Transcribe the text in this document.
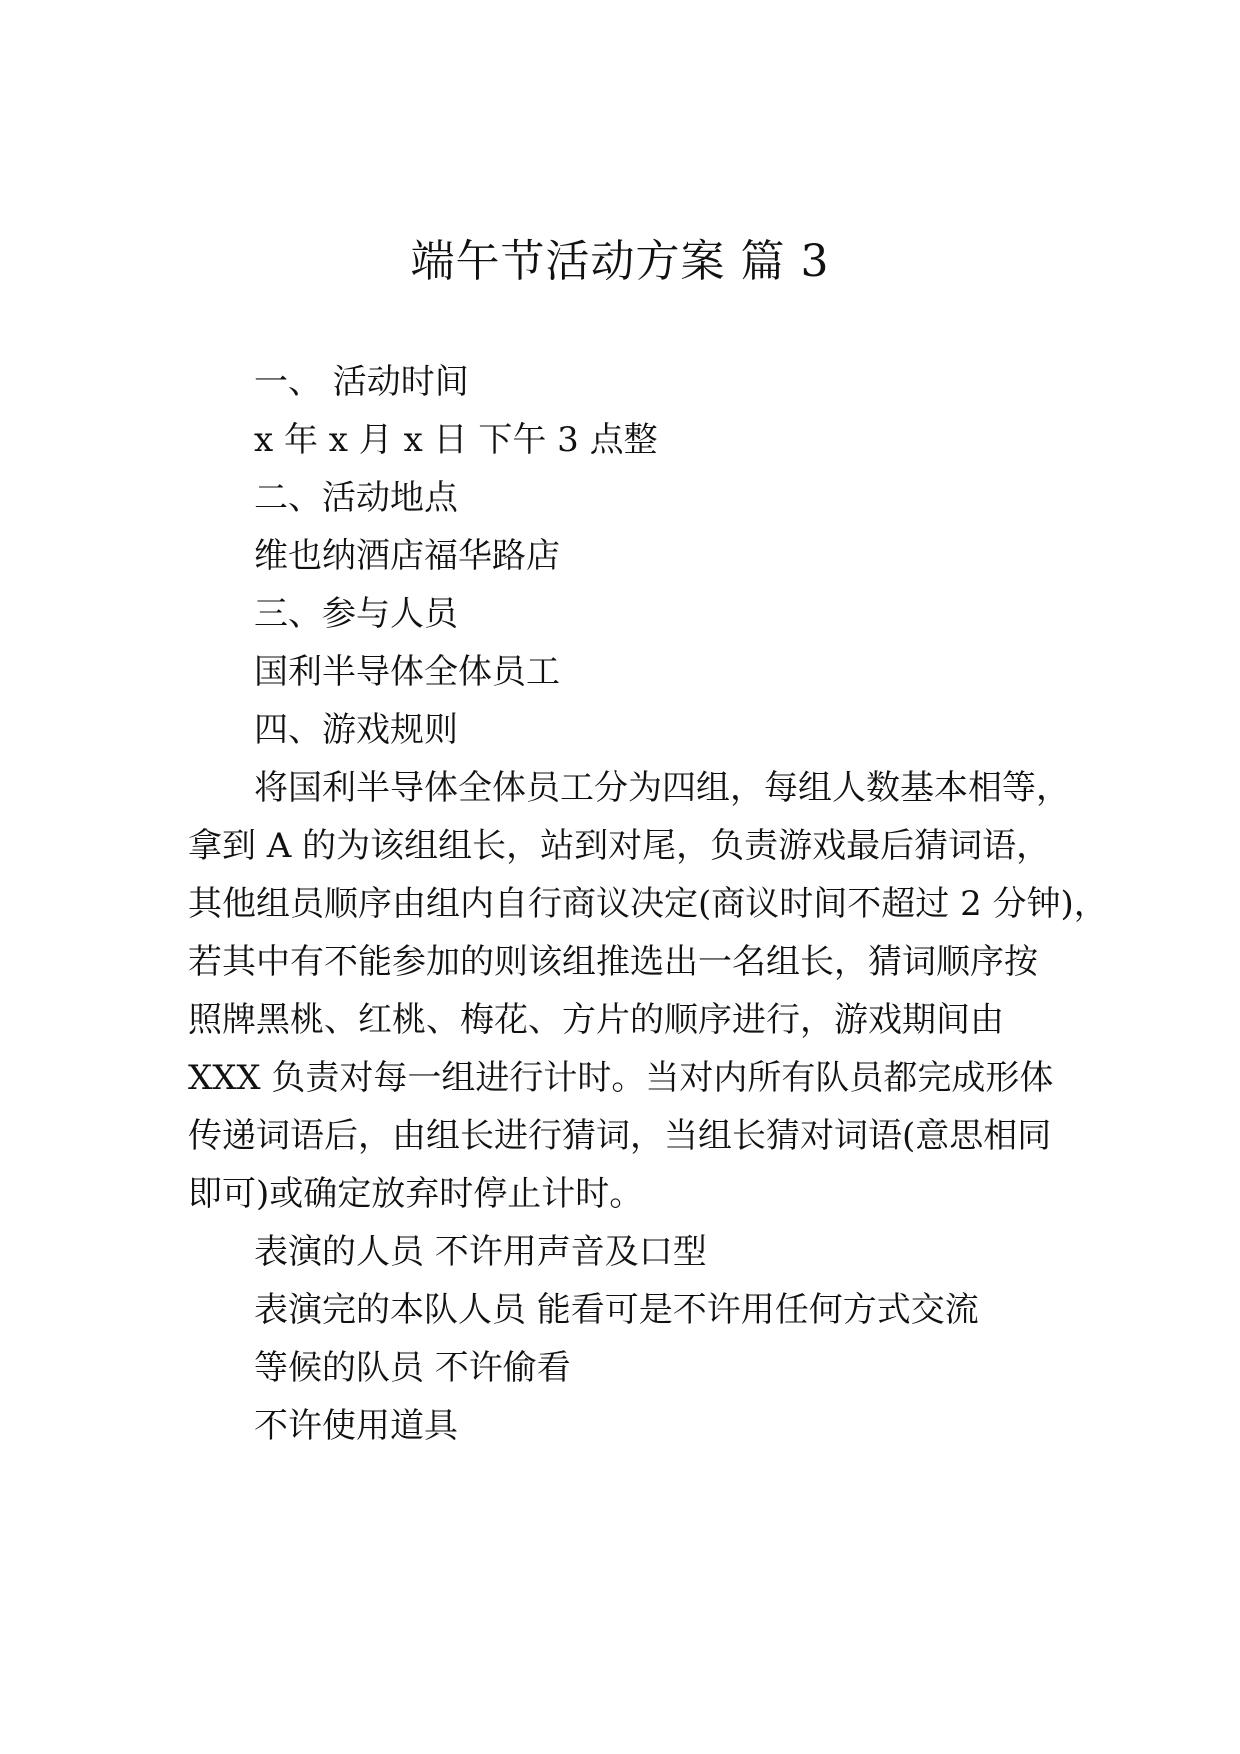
端午节活动方案 篇 3
一、 活动时间
x 年 x 月 x 日 下午 3 点整
二、活动地点
维也纳酒店福华路店
三、参与人员
国利半导体全体员工
四、游戏规则
将国利半导体全体员工分为四组，每组人数基本相等，
拿到 A 的为该组组长，站到对尾，负责游戏最后猜词语，
其他组员顺序由组内自行商议决定(商议时间不超过 2 分钟)，
若其中有不能参加的则该组推选出一名组长，猜词顺序按
照牌黑桃、红桃、梅花、方片的顺序进行，游戏期间由
XXX 负责对每一组进行计时。当对内所有队员都完成形体
传递词语后，由组长进行猜词，当组长猜对词语(意思相同
即可)或确定放弃时停止计时。
表演的人员 不许用声音及口型
表演完的本队人员 能看可是不许用任何方式交流
等候的队员 不许偷看
不许使用道具
